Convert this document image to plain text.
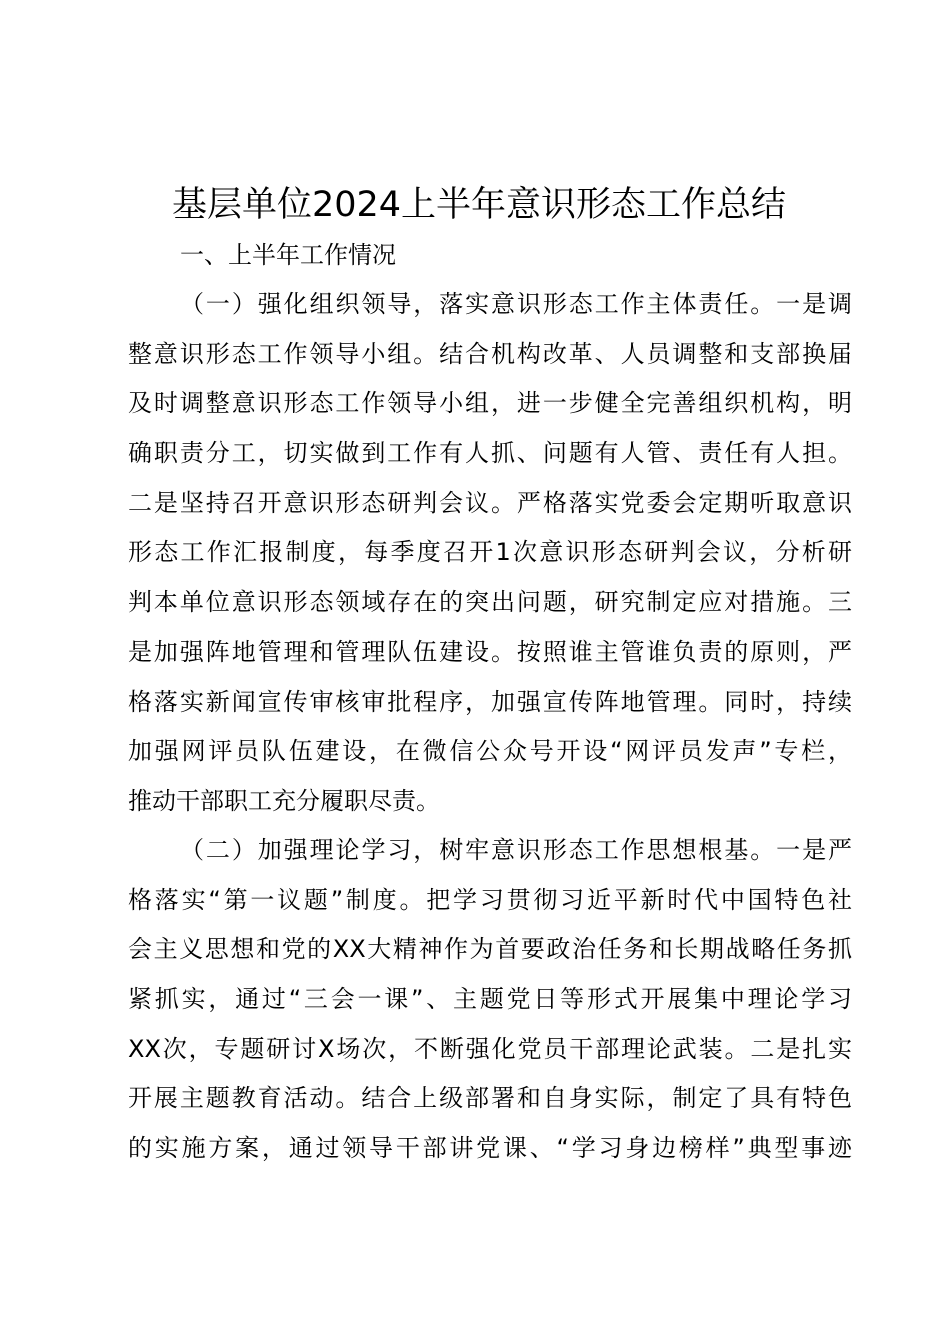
基层单位2024上半年意识形态工作总结
一、上半年工作情况
（一）强化组织领导，落实意识形态工作主体责任。一是调
整意识形态工作领导小组。结合机构改革、人员调整和支部换届
及时调整意识形态工作领导小组，进一步健全完善组织机构，明
确职责分工，切实做到工作有人抓、问题有人管、责任有人担。
二是坚持召开意识形态研判会议。严格落实党委会定期听取意识
形态工作汇报制度，每季度召开1次意识形态研判会议，分析研
判本单位意识形态领域存在的突出问题，研究制定应对措施。三
是加强阵地管理和管理队伍建设。按照谁主管谁负责的原则，严
格落实新闻宣传审核审批程序，加强宣传阵地管理。同时，持续
加强网评员队伍建设，在微信公众号开设“网评员发声”专栏，
推动干部职工充分履职尽责。
（二）加强理论学习，树牢意识形态工作思想根基。一是严
格落实“第一议题”制度。把学习贯彻习近平新时代中国特色社
会主义思想和党的XX大精神作为首要政治任务和长期战略任务抓
紧抓实，通过“三会一课”、主题党日等形式开展集中理论学习
XX次，专题研讨X场次，不断强化党员干部理论武装。二是扎实
开展主题教育活动。结合上级部署和自身实际，制定了具有特色
的实施方案，通过领导干部讲党课、“学习身边榜样”典型事迹
